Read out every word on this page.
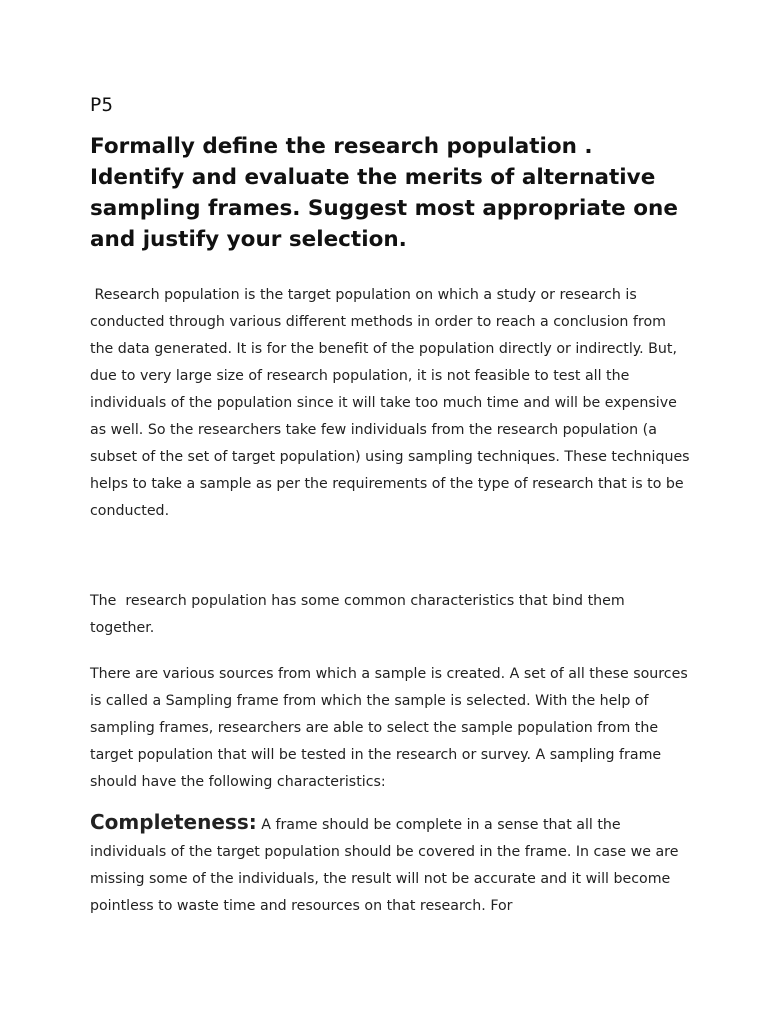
P5
Formally define the research population . Identify and evaluate the merits of alternative sampling frames. Suggest most appropriate one and justify your selection.

Research population is the target population on which a study or research is conducted through various different methods in order to reach a conclusion from the data generated. It is for the benefit of the population directly or indirectly. But, due to very large size of research population, it is not feasible to test all the individuals of the population since it will take too much time and will be expensive as well. So the researchers take few individuals from the research population (a subset of the set of target population) using sampling techniques. These techniques helps to take a sample as per the requirements of the type of research that is to be conducted.

The  research population has some common characteristics that bind them together.

There are various sources from which a sample is created. A set of all these sources is called a Sampling frame from which the sample is selected. With the help of sampling frames, researchers are able to select the sample population from the target population that will be tested in the research or survey. A sampling frame should have the following characteristics:

Completeness: A frame should be complete in a sense that all the individuals of the target population should be covered in the frame. In case we are missing some of the individuals, the result will not be accurate and it will become pointless to waste time and resources on that research. For
